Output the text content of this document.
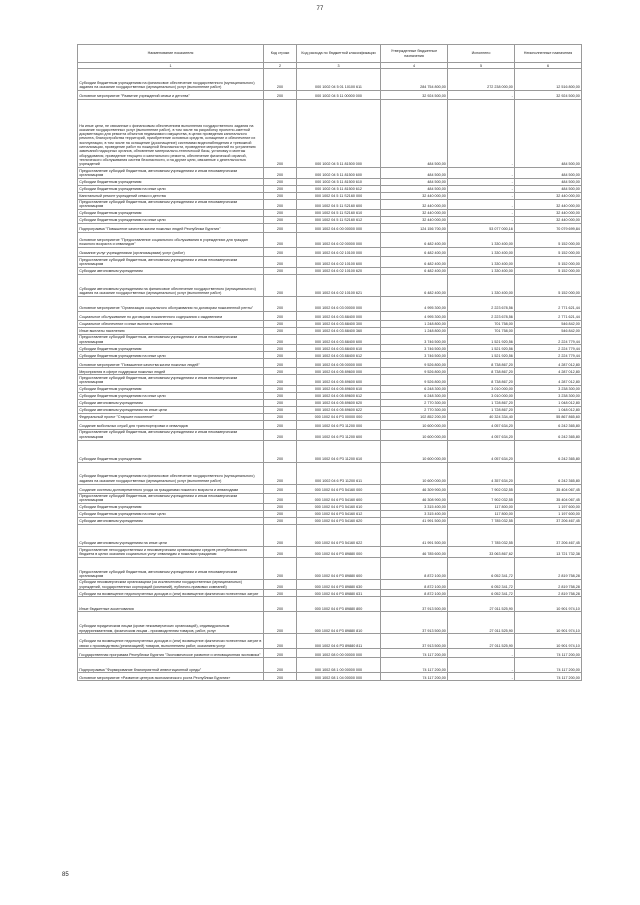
77
Наименование показателя	Код строки	Код расхода по бюджетной классификации	Утвержденные бюджетные назначения	Исполнено	Неисполненные назначения
1	2	3	4	5	6
Субсидии бюджетным учреждениям на финансовое обеспечение государственного (муниципального) задания на оказание государственных (муниципальных) услуг (выполнение работ)	200	000 1002 04 5 01 10100 611	284 754 800,00	272 238 000,00	12 516 800,00
Основное мероприятие "Развитие учреждений семьи и детства"	200	000 1002 04 5 11 00000 000	32 924 500,00	-	32 924 500,00
На иные цели, не связанные с финансовым обеспечением выполнения государственного задания на оказание государственных услуг (выполнение работ), в том числе на разработку проектно-сметной документации для ремонта объектов недвижимого имущества, в целях проведения капитального ремонта, благоустройства территорий, приобретение основных средств, оснащение и обеспечение их эксплуатации, в том числе на оснащение (дооснащение) системами видеонаблюдения и тревожной сигнализации, проведение работ по пожарной безопасности, проведение мероприятий по устранению замечаний надзорных органов, обновление материально-технической базы, установку и монтаж оборудования, проведение текущего и капитального ремонта, обеспечение физической охраной, технического обслуживания систем безопасности, и на другие цели, связанные с деятельностью учреждений	200	000 1002 04 5 11 81500 000	484 500,00	-	484 500,00
Предоставление субсидий бюджетным, автономным учреждениям и иным некоммерческим организациям	200	000 1002 04 5 11 81500 600	484 500,00	-	484 500,00
Субсидии бюджетным учреждениям	200	000 1002 04 5 11 81500 610	484 500,00	-	484 500,00
Субсидии бюджетным учреждениям на иные цели	200	000 1002 04 5 11 81500 612	484 500,00	-	484 500,00
Капитальный ремонт учреждений семьи и детства	200	000 1002 04 5 11 S2160 000	32 440 000,00	-	32 440 000,00
Предоставление субсидий бюджетным, автономным учреждениям и иным некоммерческим организациям	200	000 1002 04 5 11 S2160 600	32 440 000,00	-	32 440 000,00
Субсидии бюджетным учреждениям	200	000 1002 04 5 11 S2160 610	32 440 000,00	-	32 440 000,00
Субсидии бюджетным учреждениям на иные цели	200	000 1002 04 5 11 S2160 612	32 440 000,00	-	32 440 000,00
Подпрограмма "Повышение качества жизни пожилых людей Республики Бурятия"	200	000 1002 04 6 00 00000 000	124 156 700,00	53 077 000,16	70 079 699,84
Основное мероприятие "Предоставление социального обслуживания в учреждениях для граждан пожилого возраста и инвалидов"	200	000 1002 04 6 02 00000 000	6 482 400,00	1 330 400,00	5 152 000,00
Оказание услуг учреждениями (организациями) услуг (работ)	200	000 1002 04 6 02 10100 000	6 482 400,00	1 330 400,00	5 152 000,00
Предоставление субсидий бюджетным, автономным учреждениям и иным некоммерческим организациям	200	000 1002 04 6 02 10100 600	6 482 400,00	1 330 400,00	5 152 000,00
Субсидии автономным учреждениям	200	000 1002 04 6 02 10100 620	6 482 400,00	1 330 400,00	5 152 000,00
Субсидии автономным учреждениям на финансовое обеспечение государственного (муниципального) задания на оказание государственных (муниципальных) услуг (выполнение работ)	200	000 1002 04 6 02 10100 621	6 482 400,00	1 330 400,00	5 152 000,00
Основное мероприятие "Организация социального обслуживания по договорам пожизненной ренты"	200	000 1002 04 6 03 00000 000	4 995 300,00	2 223 678,56	2 771 621,44
Социальное обслуживание по договорам пожизненного содержания с иждивением	200	000 1002 04 6 03 88400 000	4 995 300,00	2 223 678,56	2 771 621,44
Социальное обеспечение и иные выплаты населению	200	000 1002 04 6 03 88400 300	1 248 800,00	701 758,00	546 842,00
Иные выплаты населению	200	000 1002 04 6 03 88400 360	1 248 800,00	701 758,00	546 842,00
Предоставление субсидий бюджетным, автономным учреждениям и иным некоммерческим организациям	200	000 1002 04 6 03 88400 600	3 746 500,00	1 521 920,56	2 224 779,44
Субсидии бюджетным учреждениям	200	000 1002 04 6 03 88400 610	3 746 500,00	1 521 920,56	2 224 779,44
Субсидии бюджетным учреждениям на иные цели	200	000 1002 04 6 03 88400 612	3 746 500,00	1 521 920,56	2 224 779,44
Основное мероприятие "Повышение качества жизни пожилых людей"	200	000 1002 04 6 05 00000 000	9 526 800,00	8 738 867,20	4 287 012,80
Мероприятия в сфере поддержки пожилых людей	200	000 1002 04 6 05 89600 000	9 526 800,00	8 738 867,20	4 287 012,80
Предоставление субсидий бюджетным, автономным учреждениям и иным некоммерческим организациям	200	000 1002 04 6 05 89600 600	9 526 800,00	8 738 867,20	4 287 012,80
Субсидии бюджетным учреждениям	200	000 1002 04 6 05 89600 610	6 248 300,00	3 010 000,00	3 238 300,00
Субсидии бюджетным учреждениям на иные цели	200	000 1002 04 6 05 89600 612	6 248 300,00	3 010 000,00	3 238 300,00
Субсидии автономным учреждениям	200	000 1002 04 6 05 89600 620	2 770 300,00	1 728 867,20	1 048 012,80
Субсидии автономным учреждениям на иные цели	200	000 1002 04 6 05 89600 622	2 770 300,00	1 728 867,20	1 048 012,80
Федеральный проект "Старшее поколение"	200	000 1002 04 6 P3 00000 000	102 852 200,00	40 324 334,40	55 867 865,60
Создание мобильных служб для транспортировки и инвалидов	200	000 1002 04 6 P3 11200 000	10 600 000,00	4 057 634,20	6 242 365,80
Предоставление субсидий бюджетным, автономным учреждениям и иным некоммерческим организациям	200	000 1002 04 6 P3 11200 600	10 600 000,00	4 057 634,20	6 242 365,80
Субсидии бюджетным учреждениям	200	000 1002 04 6 P3 11200 610	10 600 000,00	4 057 634,20	6 242 365,80
Субсидии бюджетным учреждениям на финансовое обеспечение государственного (муниципального) задания на оказание государственных (муниципальных) услуг (выполнение работ)	200	000 1002 04 6 P3 11200 611	10 600 000,00	4 357 634,20	6 242 365,80
Создание системы долговременного ухода за гражданами пожилого возраста и инвалидами	200	000 1002 04 6 P3 54160 000	46 309 900,00	7 902 032,55	35 404 067,45
Предоставление субсидий бюджетным, автономным учреждениям и иным некоммерческим организациям	200	000 1002 04 6 P3 54160 600	46 308 900,00	7 902 032,55	35 404 067,45
Субсидии бюджетным учреждениям	200	000 1002 04 6 P3 54160 610	3 315 400,00	117 800,00	1 197 600,00
Субсидии бюджетным учреждениям на иные цели	200	000 1002 04 6 P3 54160 612	3 315 400,00	117 800,00	1 197 600,00
Субсидии автономным учреждениям	200	000 1002 04 6 P3 54160 620	41 991 500,00	7 785 032,55	37 206 467,45
Субсидии автономным учреждениям на иные цели	200	000 1002 04 6 P3 54160 622	41 991 500,00	7 785 032,55	37 206 467,45
Предоставление негосударственным и некоммерческим организациям средств республиканского бюджета в целях оказания социальных услуг инвалидам и пожилым гражданам	200	000 1002 04 6 P3 89880 000	46 785 600,00	33 063 867,62	13 721 732,38
Предоставление субсидий бюджетным, автономным учреждениям и иным некоммерческим организациям	200	000 1002 04 6 P3 89880 600	8 872 100,00	6 052 341,72	2 819 758,28
Субсидии некоммерческим организациям (за исключением государственных (муниципальных) учреждений, государственных корпораций (компаний), публично-правовых компаний)	200	000 1002 04 6 P3 89880 630	8 872 100,00	6 052 341,72	2 819 758,28
Субсидии на возмещение недополученных доходов и (или) возмещение фактически понесенных затрат	200	000 1002 04 6 P3 89880 631	8 872 100,00	6 052 341,72	2 819 758,28
Иные бюджетные ассигнования	200	000 1002 04 6 P3 89880 800	37 913 500,00	27 011 525,90	10 901 974,10
Субсидии юридическим лицам (кроме некоммерческих организаций), индивидуальным предпринимателям, физическим лицам - производителям товаров, работ, услуг	200	000 1002 04 6 P3 89880 810	37 913 500,00	27 011 525,90	10 901 974,10
Субсидии на возмещение недополученных доходов и (или) возмещение фактически понесенных затрат в связи с производством (реализацией) товаров, выполнением работ, оказанием услуг	200	000 1002 04 6 P3 89880 811	37 913 500,00	27 011 525,90	10 901 974,10
Государственная программа Республики Бурятия "Экономическое развитие и инновационная экономика"	200	000 1002 08 0 00 00000 000	74 117 200,00	-	74 117 200,00
Подпрограмма "Формирование благоприятной инвестиционной среды"	200	000 1002 08 1 00 00000 000	74 117 200,00	-	74 117 200,00
Основное мероприятие «Развитие центров экономического роста Республики Бурятия»	200	000 1002 08 1 04 00000 000	74 117 200,00	-	74 117 200,00
85
